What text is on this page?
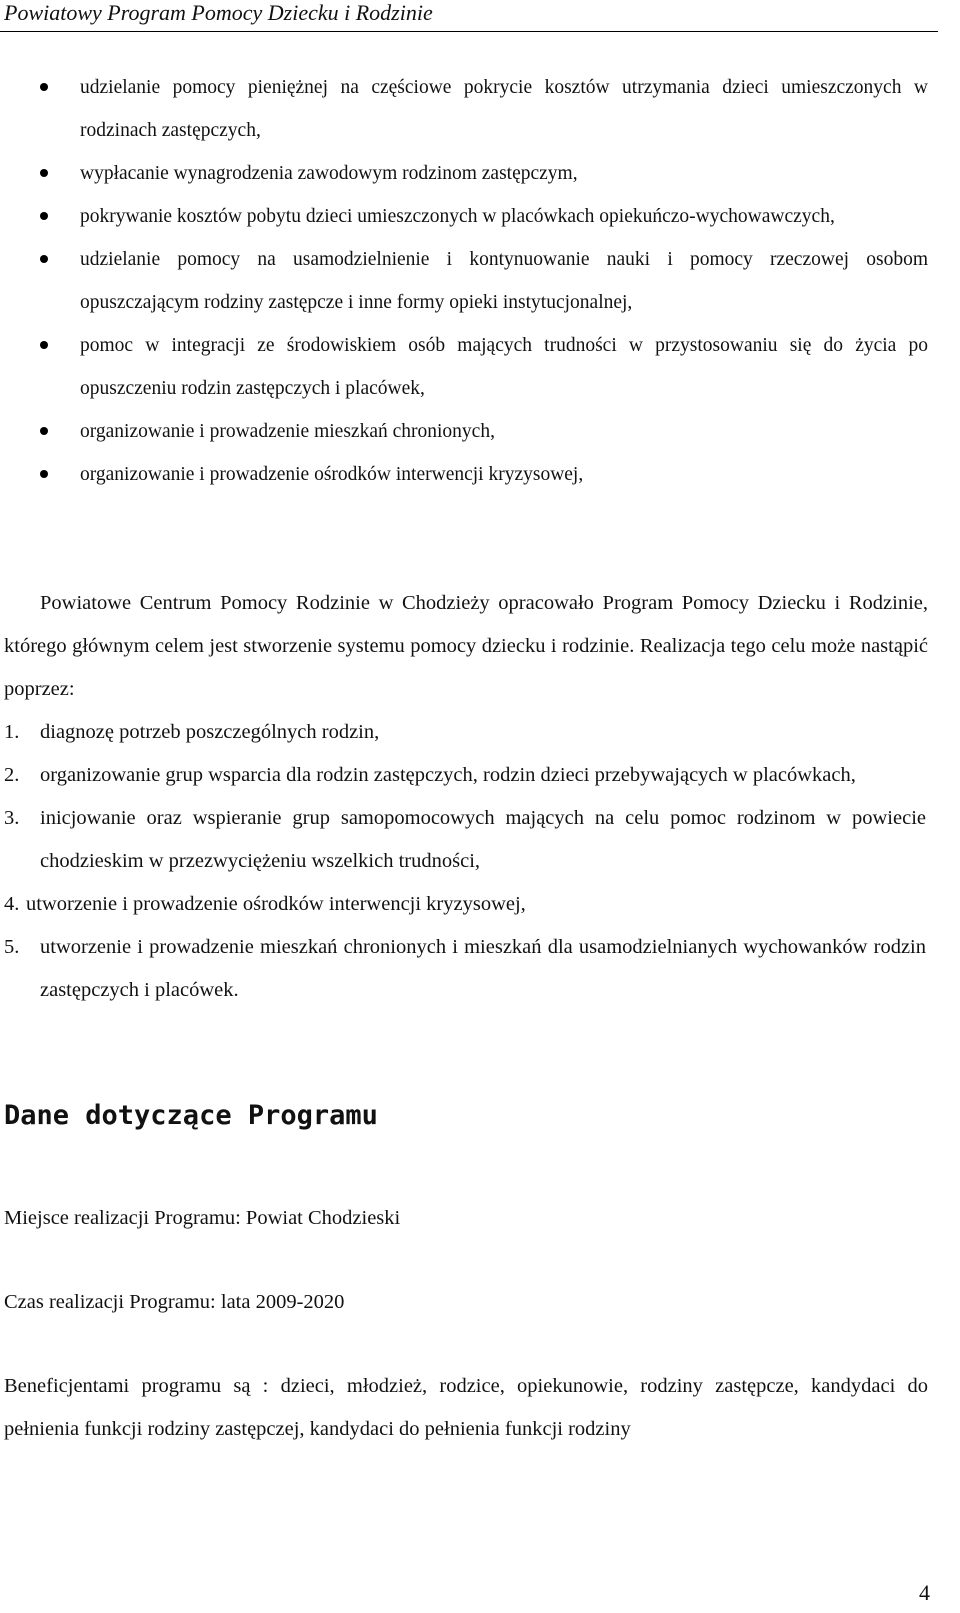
Powiatowy Program Pomocy Dziecku i Rodzinie
udzielanie pomocy pieniężnej na częściowe pokrycie kosztów utrzymania dzieci umieszczonych w rodzinach zastępczych,
wypłacanie wynagrodzenia zawodowym rodzinom zastępczym,
pokrywanie kosztów pobytu dzieci umieszczonych w placówkach opiekuńczo-wychowawczych,
udzielanie pomocy na usamodzielnienie i kontynuowanie nauki i pomocy rzeczowej osobom opuszczającym rodziny zastępcze i inne formy opieki instytucjonalnej,
pomoc w integracji ze środowiskiem osób mających trudności w przystosowaniu się do życia po opuszczeniu rodzin zastępczych i placówek,
organizowanie i prowadzenie mieszkań chronionych,
organizowanie i prowadzenie ośrodków interwencji kryzysowej,

Powiatowe Centrum Pomocy Rodzinie w Chodzieży opracowało Program Pomocy Dziecku i Rodzinie, którego głównym celem jest stworzenie systemu pomocy dziecku i rodzinie. Realizacja tego celu może nastąpić poprzez:

1. diagnozę potrzeb poszczególnych rodzin,
2. organizowanie grup wsparcia dla rodzin zastępczych, rodzin dzieci przebywających w placówkach,
3. inicjowanie oraz wspieranie grup samopomocowych mających na celu pomoc rodzinom w powiecie chodzieskim w przezwyciężeniu wszelkich trudności,
4. utworzenie i prowadzenie ośrodków interwencji kryzysowej,
5. utworzenie i prowadzenie mieszkań chronionych i mieszkań dla usamodzielnianych wychowanków rodzin zastępczych i placówek.
Dane dotyczące Programu

Miejsce realizacji Programu: Powiat Chodzieski

Czas realizacji Programu: lata 2009-2020

Beneficjentami programu są : dzieci, młodzież, rodzice, opiekunowie, rodziny zastępcze, kandydaci do pełnienia funkcji rodziny zastępczej, kandydaci do pełnienia funkcji rodziny

4
